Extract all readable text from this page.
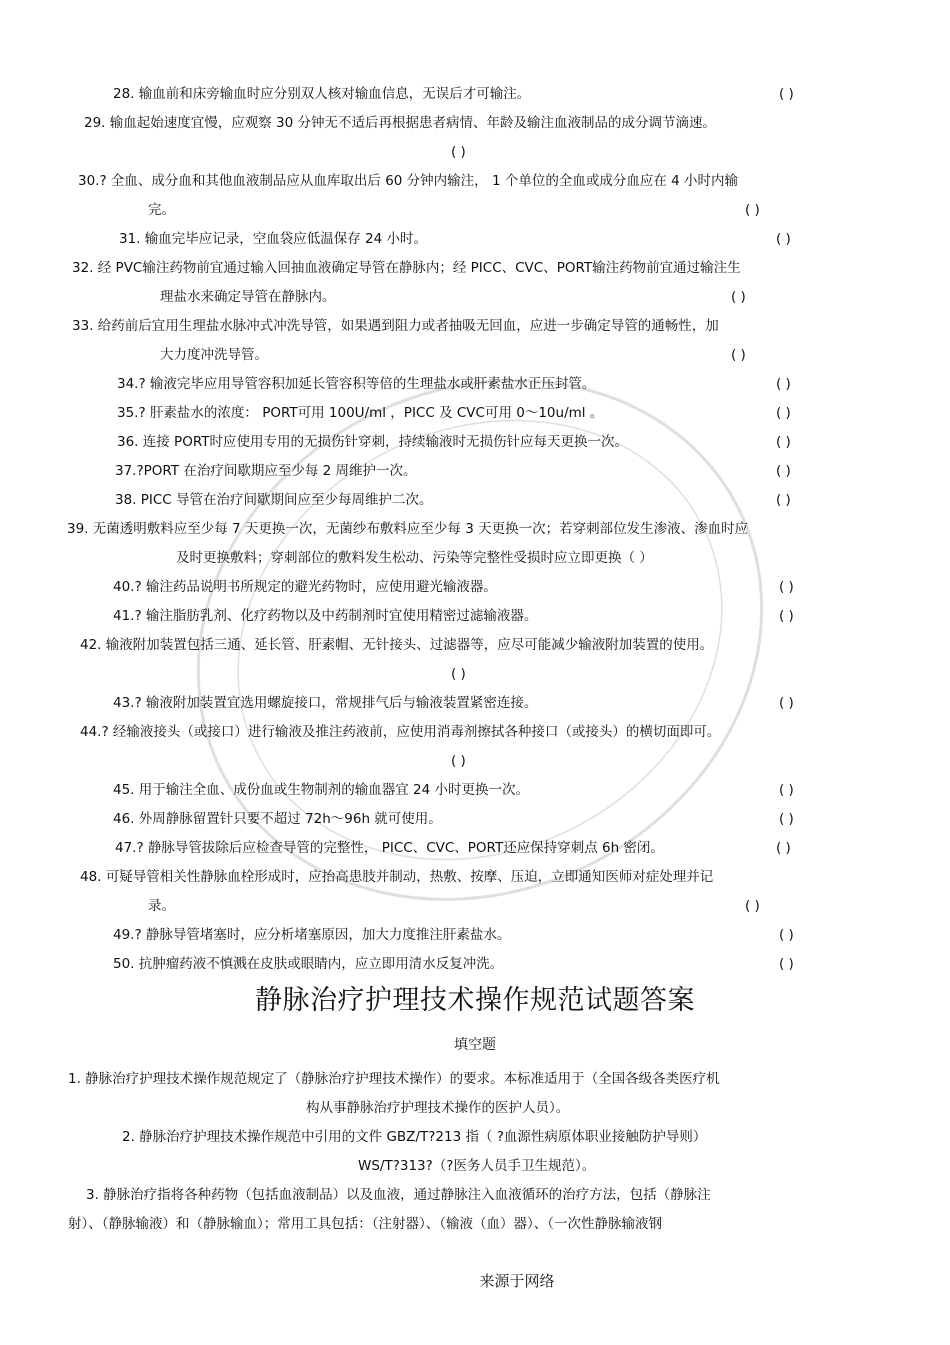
28. 输血前和床旁输血时应分别双人核对输血信息，无误后才可输注。	( )
29. 输血起始速度宜慢，应观察 30 分钟无不适后再根据患者病情、年龄及输注血液制品的成分调节滴速。
( )
30.? 全血、成分血和其他血液制品应从血库取出后 60 分钟内输注， 1 个单位的全血或成分血应在 4 小时内输
完。	( )
31. 输血完毕应记录，空血袋应低温保存 24 小时。	( )
32. 经 PVC输注药物前宜通过输入回抽血液确定导管在静脉内；经 PICC、CVC、PORT输注药物前宜通过输注生
理盐水来确定导管在静脉内。	( )
33. 给药前后宜用生理盐水脉冲式冲洗导管，如果遇到阻力或者抽吸无回血，应进一步确定导管的通畅性，加
大力度冲洗导管。	( )
34.? 输液完毕应用导管容积加延长管容积等倍的生理盐水或肝素盐水正压封管。	( )
35.? 肝素盐水的浓度： PORT可用 100U/ml ，PICC 及 CVC可用 0～10u/ml 。	( )
36. 连接 PORT时应使用专用的无损伤针穿刺，持续输液时无损伤针应每天更换一次。	( )
37.?PORT 在治疗间歇期应至少每 2 周维护一次。	( )
38. PICC 导管在治疗间歇期间应至少每周维护二次。	( )
39. 无菌透明敷料应至少每 7 天更换一次，无菌纱布敷料应至少每 3 天更换一次；若穿刺部位发生渗液、渗血时应
及时更换敷料；穿刺部位的敷料发生松动、污染等完整性受损时应立即更换（ ）
40.? 输注药品说明书所规定的避光药物时，应使用避光输液器。	( )
41.? 输注脂肪乳剂、化疗药物以及中药制剂时宜使用精密过滤输液器。	( )
42. 输液附加装置包括三通、延长管、肝素帽、无针接头、过滤器等，应尽可能减少输液附加装置的使用。
( )
43.? 输液附加装置宜选用螺旋接口，常规排气后与输液装置紧密连接。	( )
44.? 经输液接头（或接口）进行输液及推注药液前，应使用消毒剂擦拭各种接口（或接头）的横切面即可。
( )
45. 用于输注全血、成份血或生物制剂的输血器宜 24 小时更换一次。	( )
46. 外周静脉留置针只要不超过 72h～96h 就可使用。	( )
47.? 静脉导管拔除后应检查导管的完整性， PICC、CVC、PORT还应保持穿刺点 6h 密闭。	( )
48. 可疑导管相关性静脉血栓形成时，应抬高患肢并制动，热敷、按摩、压迫，立即通知医师对症处理并记
录。	( )
49.? 静脉导管堵塞时，应分析堵塞原因，加大力度推注肝素盐水。	( )
50. 抗肿瘤药液不慎溅在皮肤或眼睛内，应立即用清水反复冲洗。	( )
1. 静脉治疗护理技术操作规范规定了（静脉治疗护理技术操作）的要求。本标准适用于（全国各级各类医疗机
构从事静脉治疗护理技术操作的医护人员）。
2. 静脉治疗护理技术操作规范中引用的文件 GBZ/T?213 指（ ?血源性病原体职业接触防护导则）
WS/T?313?（?医务人员手卫生规范）。
3. 静脉治疗指将各种药物（包括血液制品）以及血液，通过静脉注入血液循环的治疗方法，包括（静脉注
射）、（静脉输液）和（静脉输血）；常用工具包括：（注射器）、（输液（血）器）、（一次性静脉输液钢
静脉治疗护理技术操作规范试题答案
填空题
来源于网络
